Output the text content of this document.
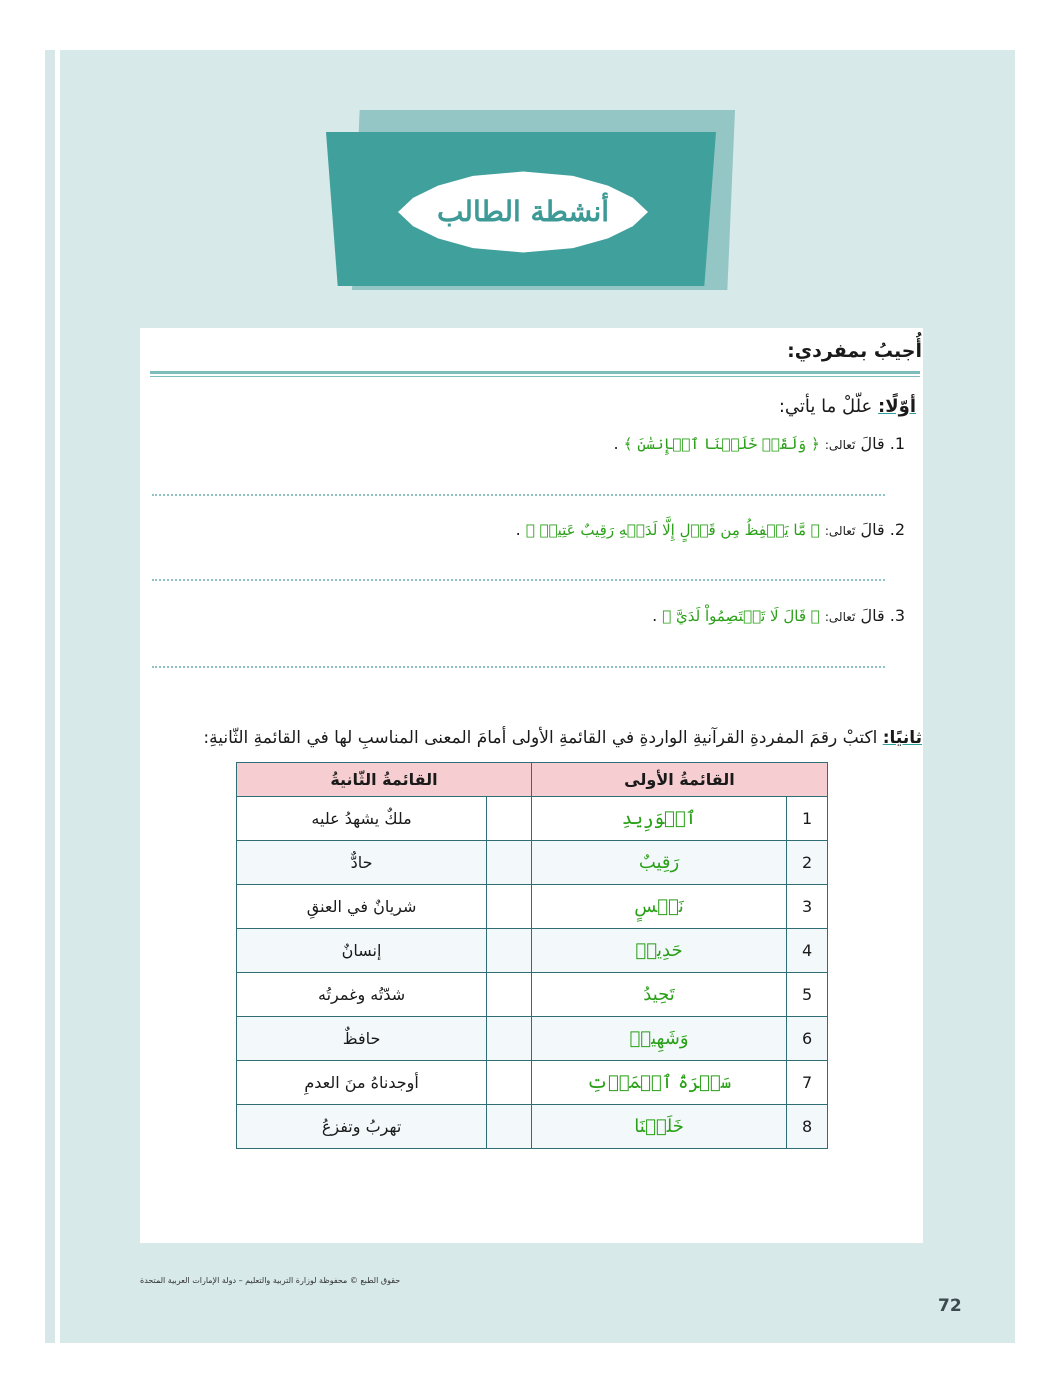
أنشطة الطالب
أُجيبُ بمفردي:
أوّلًا: علّلْ ما يأتي:
1. قالَ تَعالى: ﴿ وَلَقَدۡ خَلَقۡنَا ٱلۡإِنسَٰنَ ﴾ .
2. قالَ تَعالى: ﴿ مَّا يَلۡفِظُ مِن قَوۡلٍ إِلَّا لَدَيۡهِ رَقِيبٌ عَتِيدٞ ﴾ .
3. قالَ تَعالى: ﴿ قَالَ لَا تَخۡتَصِمُواْ لَدَيَّ ﴾ .
ثانيًا: اكتبْ رقمَ المفردةِ القرآنيةِ الواردةِ في القائمةِ الأولى أمامَ المعنى المناسبِ لها في القائمةِ الثّانيةِ:
القائمةُ الأولى		القائمةُ الثّانيةُ	
1	ٱلۡوَرِيدِ		ملكٌ يشهدُ عليه
2	رَقِيبٌ		حادٌّ
3	نَفۡسٍ		شريانٌ في العنقِ
4	حَدِيدٞ		إنسانٌ
5	تَحِيدُ		شدّتُه وغمرتُه
6	وَشَهِيدٞ		حافظٌ
7	سَكۡرَةُ ٱلۡمَوۡتِ		أوجدناهُ منَ العدمِ
8	خَلَقۡنَا		تهربُ وتفزعُ
حقوق الطبع © محفوظة لوزارة التربية والتعليم – دولة الإمارات العربية المتحدة
72
